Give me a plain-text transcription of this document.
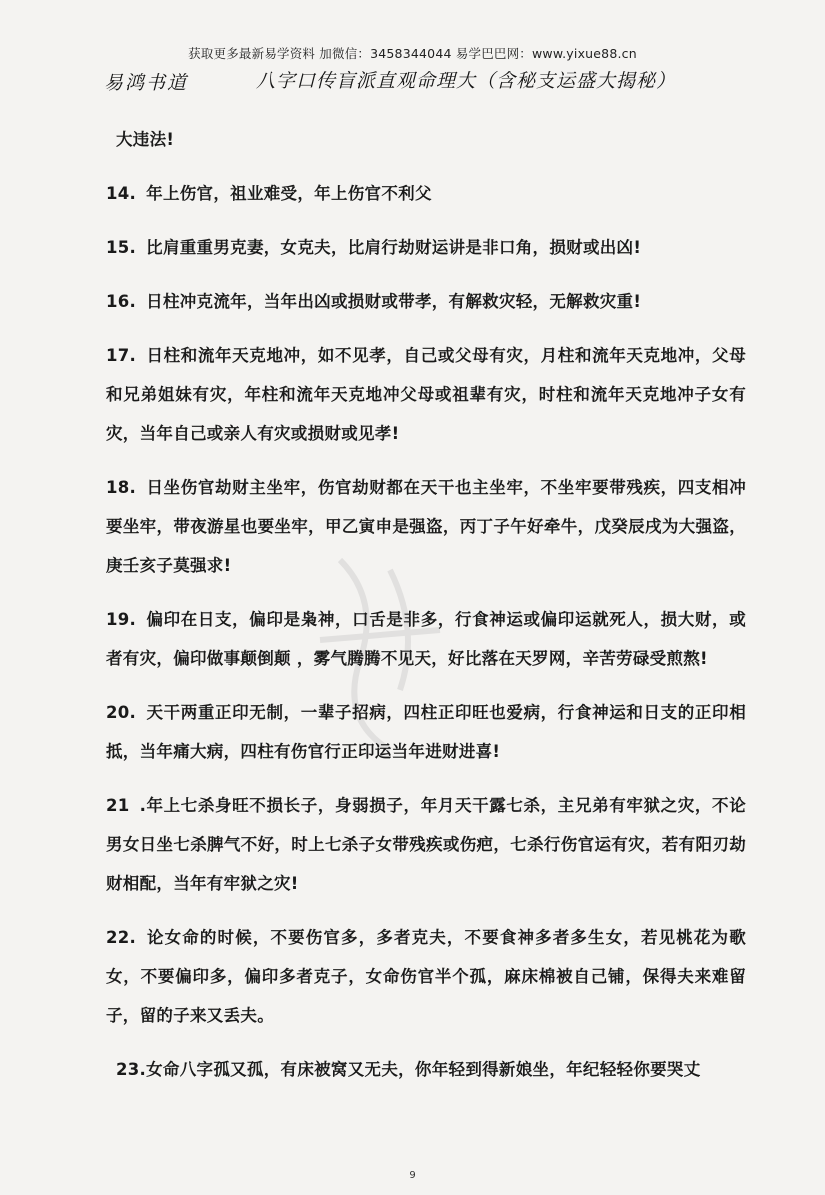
获取更多最新易学资料 加微信：3458344044 易学巴巴网：www.yixue88.cn
易鸿书道	八字口传盲派直观命理大（含秘支运盛大揭秘）

大违法!

14. 年上伤官，祖业难受，年上伤官不利父

15. 比肩重重男克妻，女克夫，比肩行劫财运讲是非口角，损财或出凶!

16. 日柱冲克流年，当年出凶或损财或带孝，有解救灾轻，无解救灾重!

17. 日柱和流年天克地冲，如不见孝，自己或父母有灾，月柱和流年天克地冲，父母和兄弟姐妹有灾，年柱和流年天克地冲父母或祖辈有灾，时柱和流年天克地冲子女有灾，当年自己或亲人有灾或损财或见孝!

18. 日坐伤官劫财主坐牢，伤官劫财都在天干也主坐牢，不坐牢要带残疾，四支相冲要坐牢，带夜游星也要坐牢，甲乙寅申是强盗，丙丁子午好牵牛，戊癸辰戌为大强盗，庚壬亥子莫强求!

19. 偏印在日支，偏印是枭神，口舌是非多，行食神运或偏印运就死人，损大财，或者有灾，偏印做事颠倒颠 ，雾气腾腾不见天，好比落在天罗网，辛苦劳碌受煎熬!

20. 天干两重正印无制，一辈子招病，四柱正印旺也爱病，行食神运和日支的正印相抵，当年痛大病，四柱有伤官行正印运当年进财进喜!

21 .年上七杀身旺不损长子，身弱损子，年月天干露七杀，主兄弟有牢狱之灾，不论男女日坐七杀脾气不好，时上七杀子女带残疾或伤疤，七杀行伤官运有灾，若有阳刃劫财相配，当年有牢狱之灾!

22. 论女命的时候，不要伤官多，多者克夫，不要食神多者多生女，若见桃花为歌女，不要偏印多，偏印多者克子，女命伤官半个孤，麻床棉被自己铺，保得夫来难留子，留的子来又丢夫。

23.女命八字孤又孤，有床被窝又无夫，你年轻到得新娘坐，年纪轻轻你要哭丈

9
